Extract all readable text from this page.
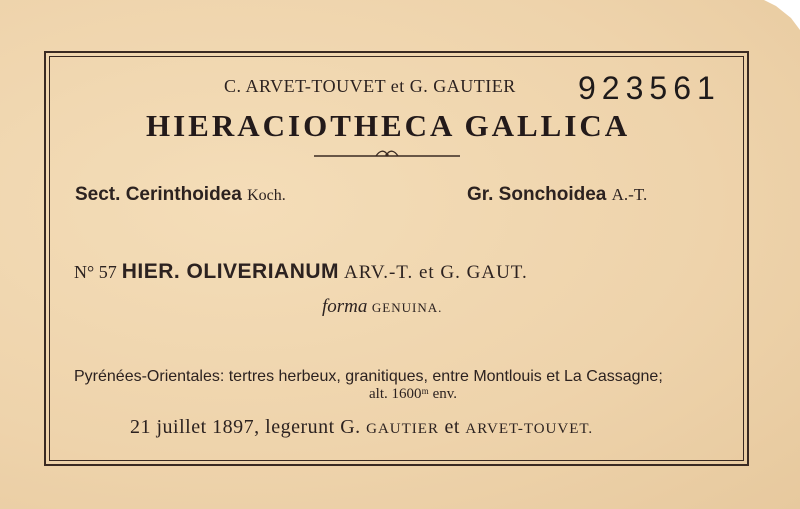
C. ARVET-TOUVET et G. GAUTIER 923561
HIERACIOTHECA GALLICA
Sect. Cerinthoidea Koch.	Gr. Sonchoidea A.-T.
N° 57 HIER. OLIVERIANUM ARV.-T. et G. GAUT.
forma GENUINA.
Pyrénées-Orientales: tertres herbeux, granitiques, entre Montlouis et La Cassagne;
alt. 1600ᵐ env.
21 juillet 1897, legerunt G. GAUTIER et ARVET-TOUVET.
